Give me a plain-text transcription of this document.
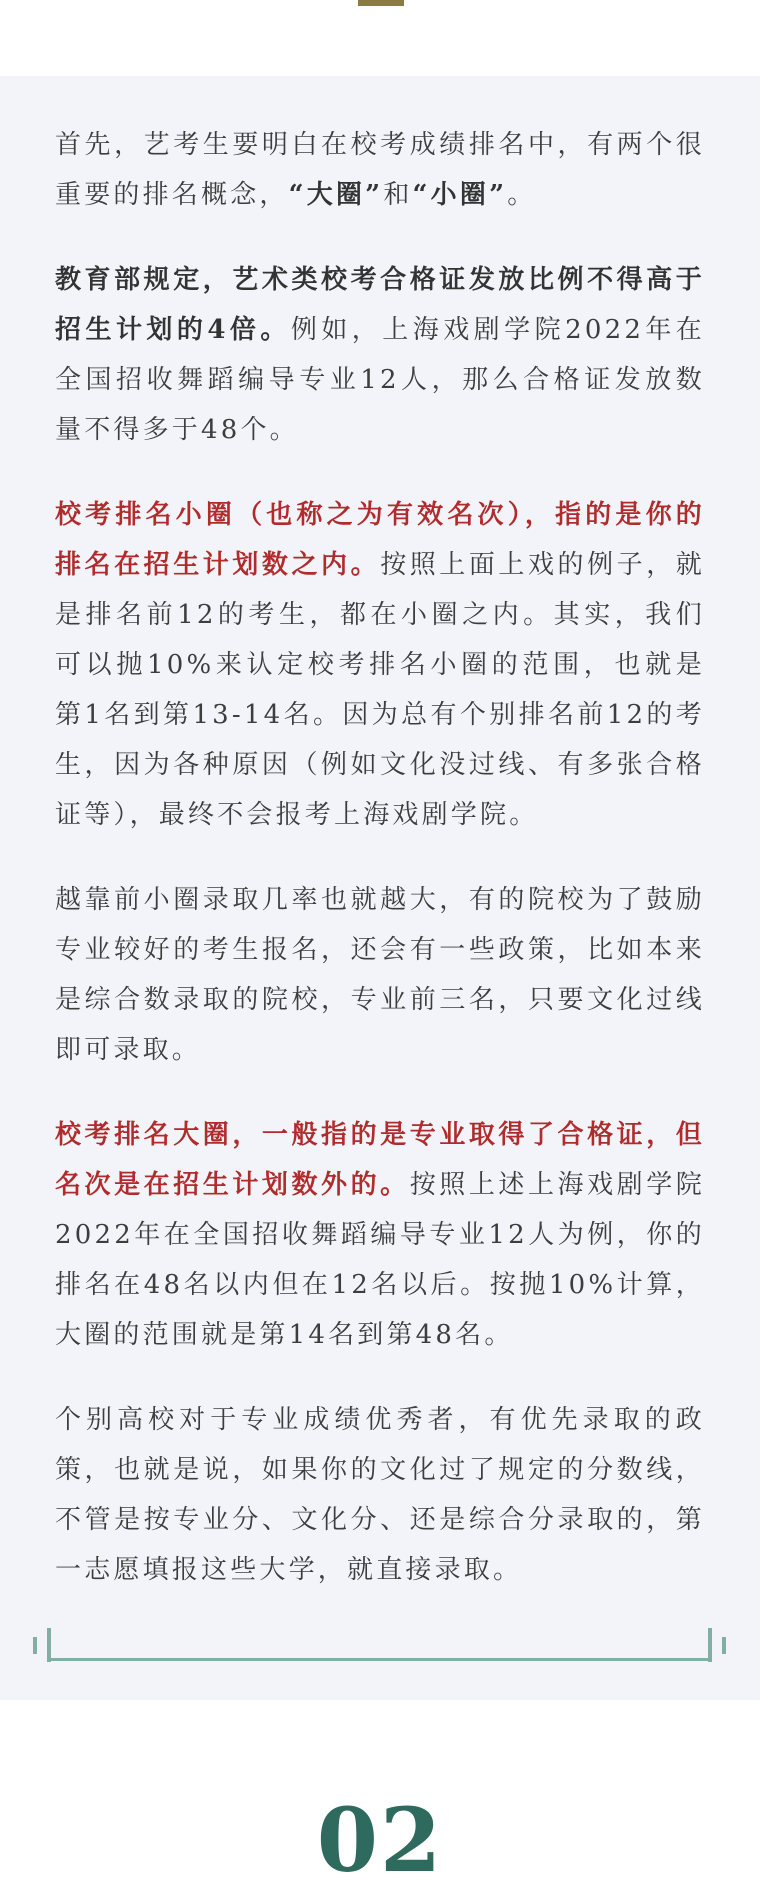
首先，艺考生要明白在校考成绩排名中，有两个很重要的排名概念，“大圈”和“小圈”。

教育部规定，艺术类校考合格证发放比例不得高于招生计划的4倍。例如，上海戏剧学院2022年在全国招收舞蹈编导专业12人，那么合格证发放数量不得多于48个。

校考排名小圈（也称之为有效名次），指的是你的排名在招生计划数之内。按照上面上戏的例子，就是排名前12的考生，都在小圈之内。其实，我们可以抛10%来认定校考排名小圈的范围，也就是第1名到第13-14名。因为总有个别排名前12的考生，因为各种原因（例如文化没过线、有多张合格证等），最终不会报考上海戏剧学院。

越靠前小圈录取几率也就越大，有的院校为了鼓励专业较好的考生报名，还会有一些政策，比如本来是综合数录取的院校，专业前三名，只要文化过线即可录取。

校考排名大圈，一般指的是专业取得了合格证，但名次是在招生计划数外的。按照上述上海戏剧学院2022年在全国招收舞蹈编导专业12人为例，你的排名在48名以内但在12名以后。按抛10%计算，大圈的范围就是第14名到第48名。

个别高校对于专业成绩优秀者，有优先录取的政策，也就是说，如果你的文化过了规定的分数线，不管是按专业分、文化分、还是综合分录取的，第一志愿填报这些大学，就直接录取。

02
